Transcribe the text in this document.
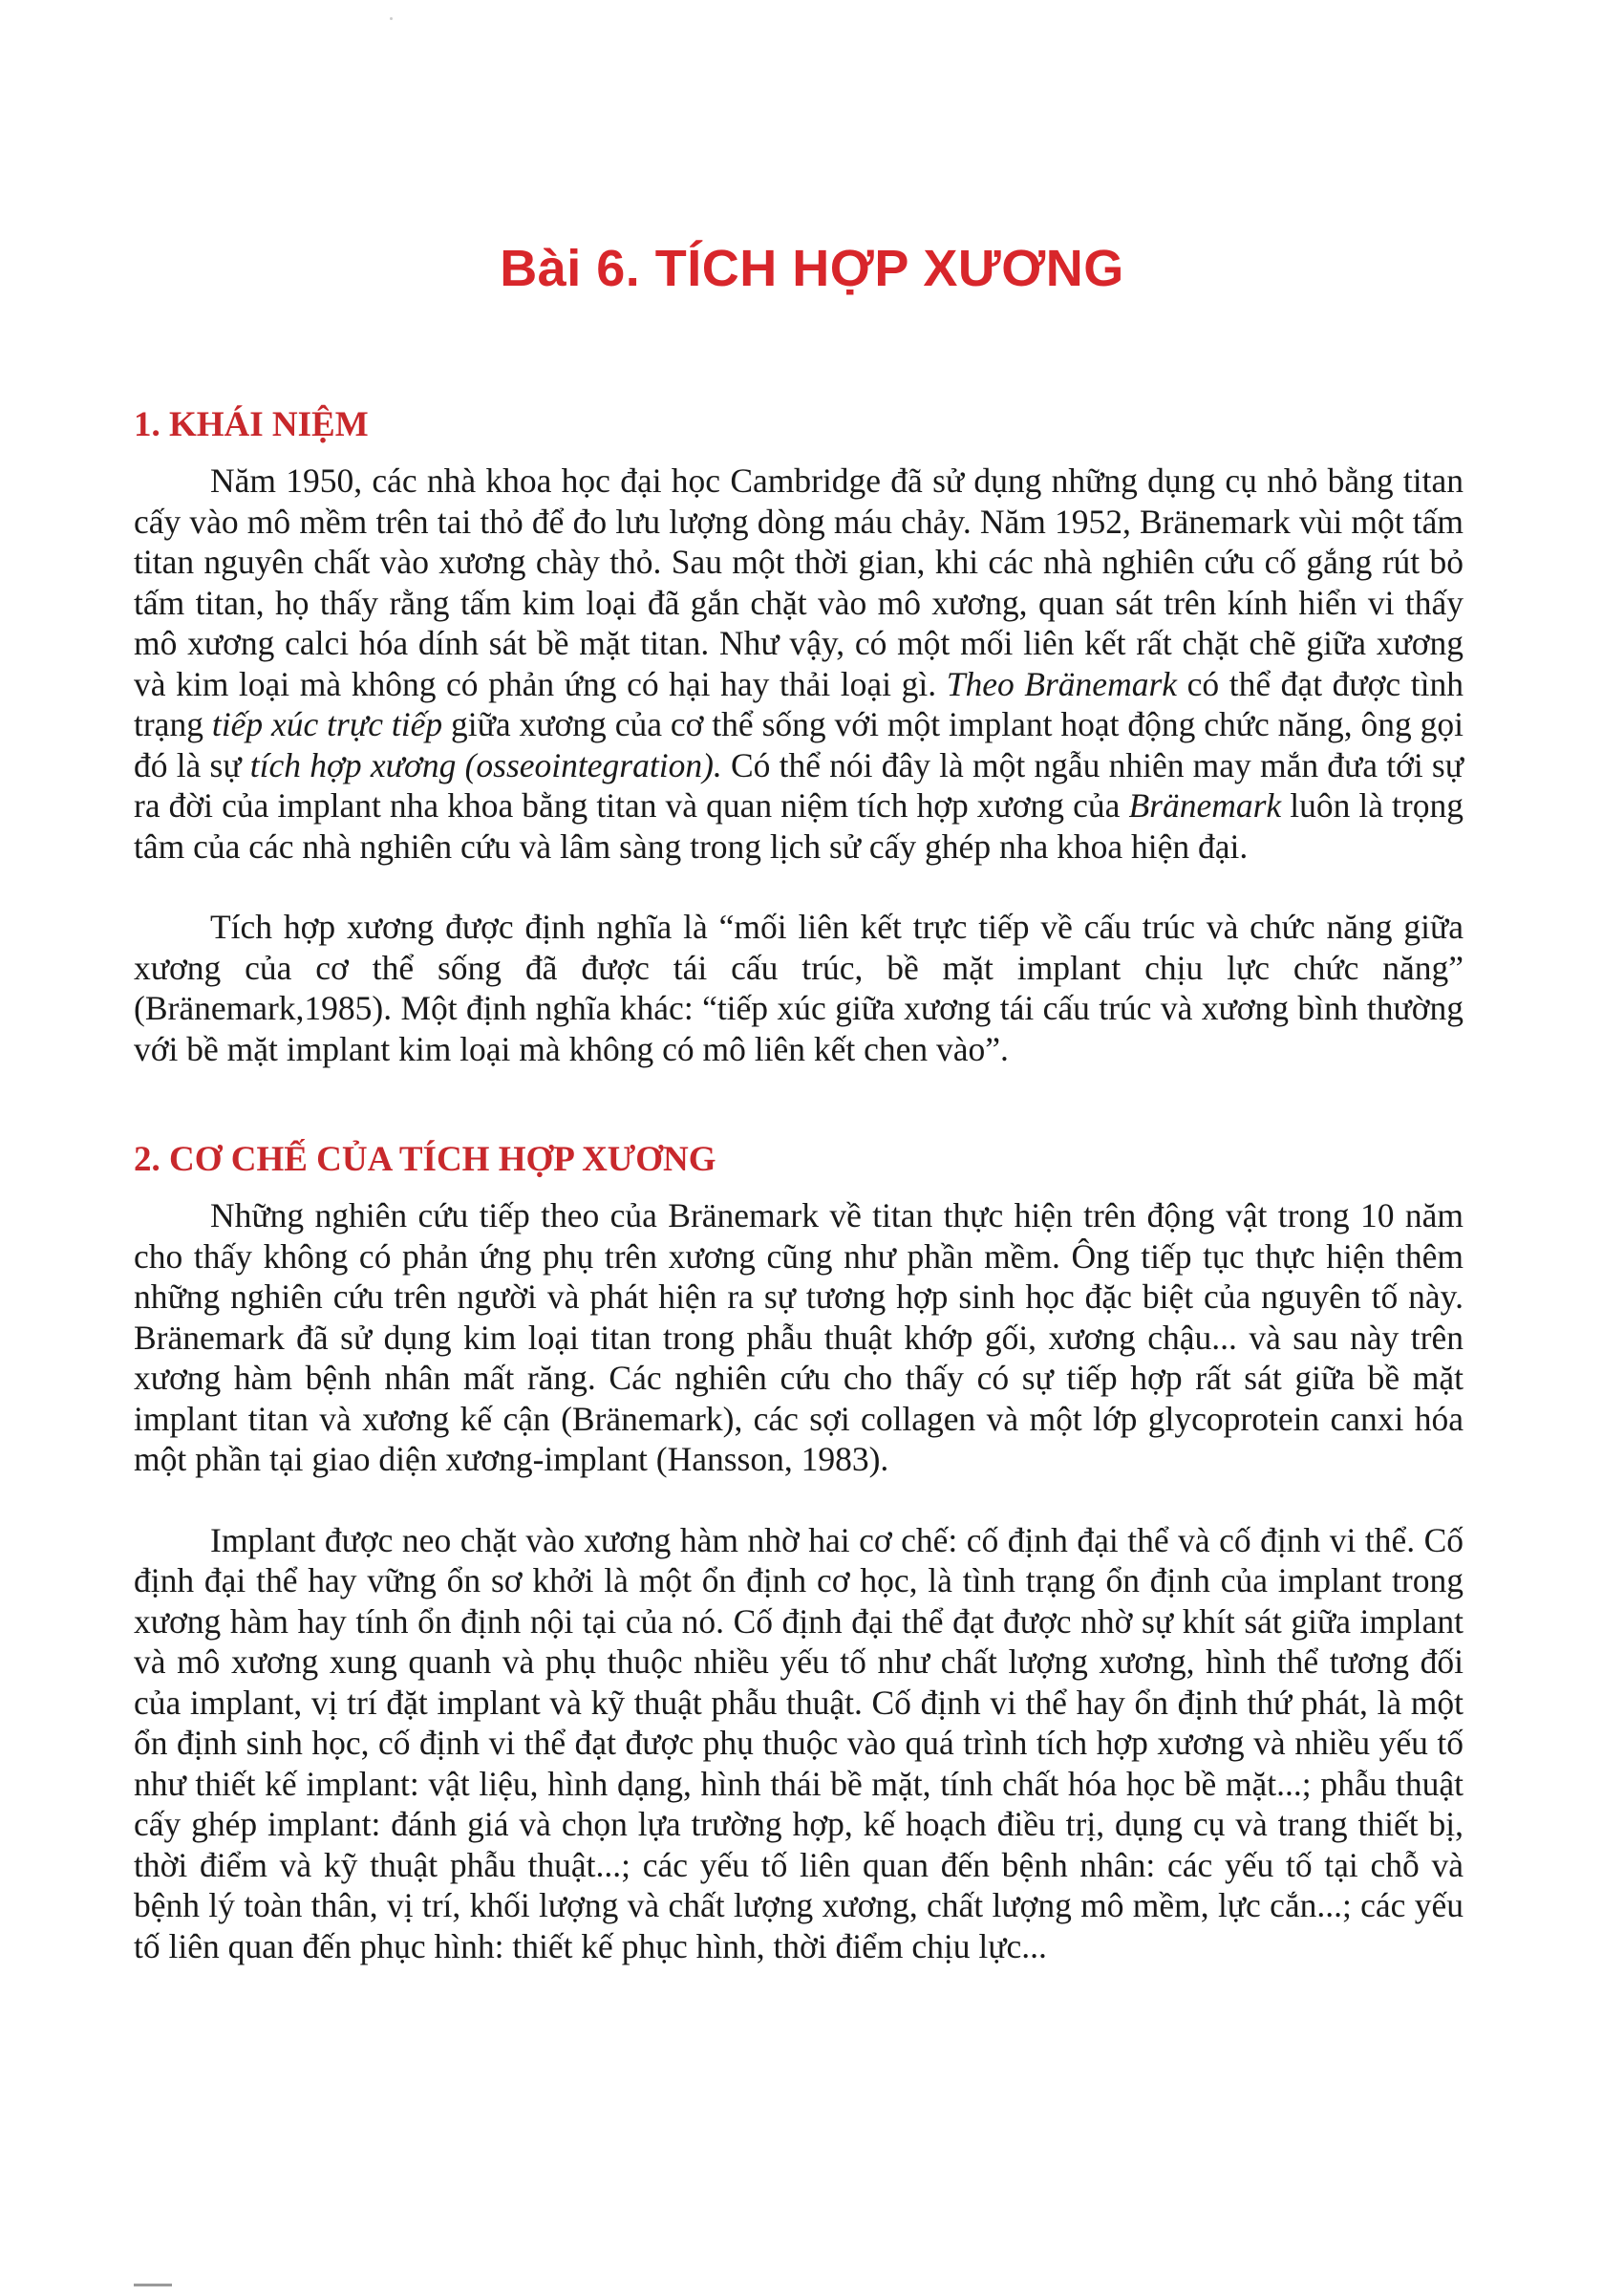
Bài 6. TÍCH HỢP XƯƠNG
1. KHÁI NIỆM

Năm 1950, các nhà khoa học đại học Cambridge đã sử dụng những dụng cụ nhỏ bằng titan cấy vào mô mềm trên tai thỏ để đo lưu lượng dòng máu chảy. Năm 1952, Bränemark vùi một tấm titan nguyên chất vào xương chày thỏ. Sau một thời gian, khi các nhà nghiên cứu cố gắng rút bỏ tấm titan, họ thấy rằng tấm kim loại đã gắn chặt vào mô xương, quan sát trên kính hiển vi thấy mô xương calci hóa dính sát bề mặt titan. Như vậy, có một mối liên kết rất chặt chẽ giữa xương và kim loại mà không có phản ứng có hại hay thải loại gì. Theo Bränemark có thể đạt được tình trạng tiếp xúc trực tiếp giữa xương của cơ thể sống với một implant hoạt động chức năng, ông gọi đó là sự tích hợp xương (osseointegration). Có thể nói đây là một ngẫu nhiên may mắn đưa tới sự ra đời của implant nha khoa bằng titan và quan niệm tích hợp xương của Bränemark luôn là trọng tâm của các nhà nghiên cứu và lâm sàng trong lịch sử cấy ghép nha khoa hiện đại.

Tích hợp xương được định nghĩa là “mối liên kết trực tiếp về cấu trúc và chức năng giữa xương của cơ thể sống đã được tái cấu trúc, bề mặt implant chịu lực chức năng” (Bränemark,1985). Một định nghĩa khác: “tiếp xúc giữa xương tái cấu trúc và xương bình thường với bề mặt implant kim loại mà không có mô liên kết chen vào”.

2. CƠ CHẾ CỦA TÍCH HỢP XƯƠNG

Những nghiên cứu tiếp theo của Bränemark về titan thực hiện trên động vật trong 10 năm cho thấy không có phản ứng phụ trên xương cũng như phần mềm. Ông tiếp tục thực hiện thêm những nghiên cứu trên người và phát hiện ra sự tương hợp sinh học đặc biệt của nguyên tố này. Bränemark đã sử dụng kim loại titan trong phẫu thuật khớp gối, xương chậu... và sau này trên xương hàm bệnh nhân mất răng. Các nghiên cứu cho thấy có sự tiếp hợp rất sát giữa bề mặt implant titan và xương kế cận (Bränemark), các sợi collagen và một lớp glycoprotein canxi hóa một phần tại giao diện xương-implant (Hansson, 1983).

Implant được neo chặt vào xương hàm nhờ hai cơ chế: cố định đại thể và cố định vi thể. Cố định đại thể hay vững ổn sơ khởi là một ổn định cơ học, là tình trạng ổn định của implant trong xương hàm hay tính ổn định nội tại của nó. Cố định đại thể đạt được nhờ sự khít sát giữa implant và mô xương xung quanh và phụ thuộc nhiều yếu tố như chất lượng xương, hình thể tương đối của implant, vị trí đặt implant và kỹ thuật phẫu thuật. Cố định vi thể hay ổn định thứ phát, là một ổn định sinh học, cố định vi thể đạt được phụ thuộc vào quá trình tích hợp xương và nhiều yếu tố như thiết kế implant: vật liệu, hình dạng, hình thái bề mặt, tính chất hóa học bề mặt...; phẫu thuật cấy ghép implant: đánh giá và chọn lựa trường hợp, kế hoạch điều trị, dụng cụ và trang thiết bị, thời điểm và kỹ thuật phẫu thuật...; các yếu tố liên quan đến bệnh nhân: các yếu tố tại chỗ và bệnh lý toàn thân, vị trí, khối lượng và chất lượng xương, chất lượng mô mềm, lực cắn...; các yếu tố liên quan đến phục hình: thiết kế phục hình, thời điểm chịu lực...
